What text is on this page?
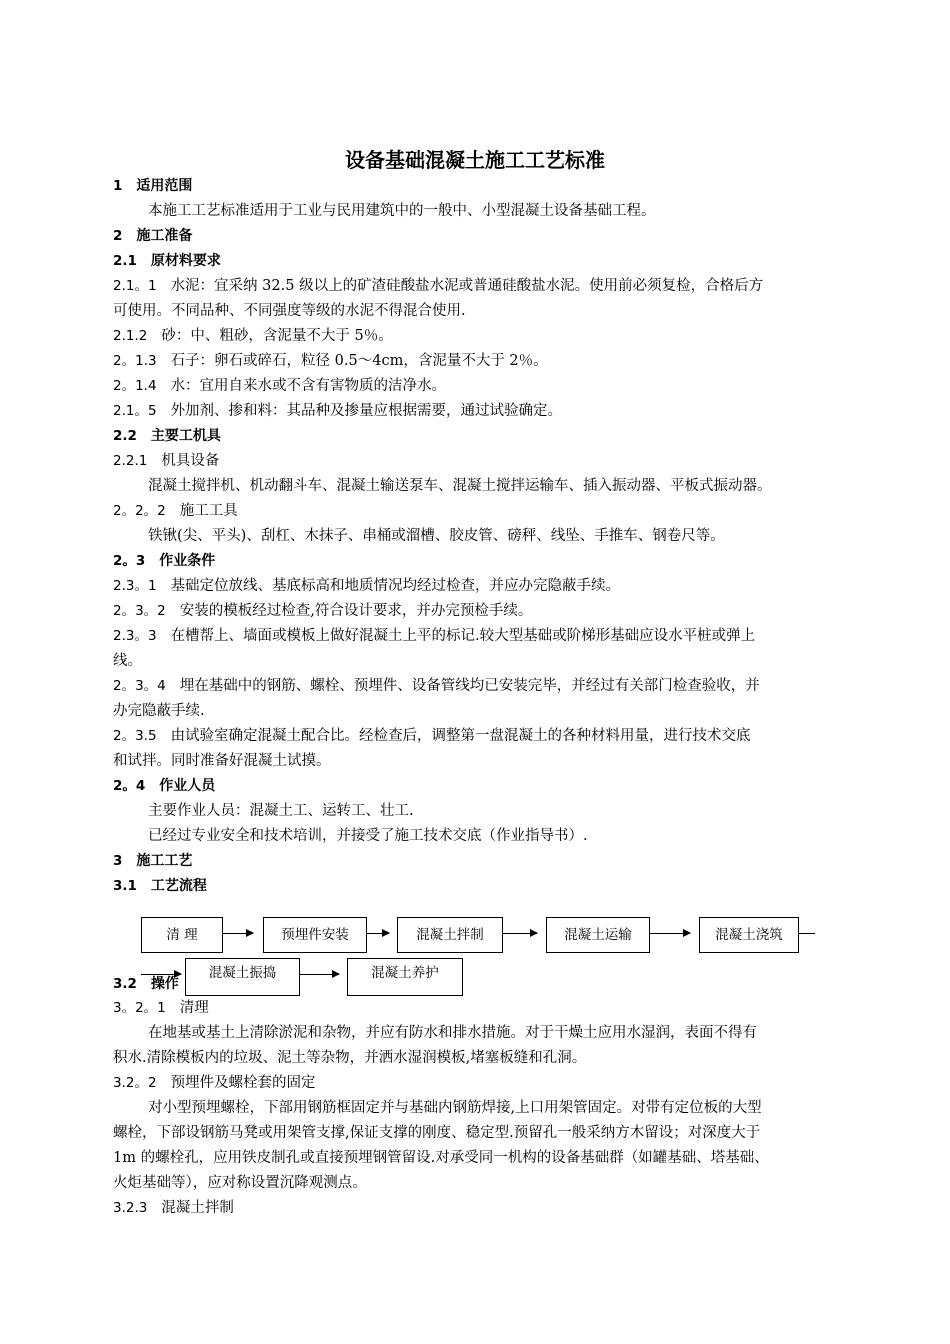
设备基础混凝土施工工艺标准
1 适用范围
本施工工艺标准适用于工业与民用建筑中的一般中、小型混凝土设备基础工程。
2 施工准备
2.1 原材料要求
2.1。1 水泥：宜采纳 32.5 级以上的矿渣硅酸盐水泥或普通硅酸盐水泥。使用前必须复检，合格后方
可使用。不同品种、不同强度等级的水泥不得混合使用.
2.1.2 砂：中、粗砂，含泥量不大于 5％。
2。1.3 石子：卵石或碎石，粒径 0.5～4cm，含泥量不大于 2％。
2。1.4 水：宜用自来水或不含有害物质的洁净水。
2.1。5 外加剂、掺和料：其品种及掺量应根据需要，通过试验确定。
2.2 主要工机具
2.2.1 机具设备
混凝土搅拌机、机动翻斗车、混凝土输送泵车、混凝土搅拌运输车、插入振动器、平板式振动器。
2。2。2 施工工具
铁锹(尖、平头)、刮杠、木抹子、串桶或溜槽、胶皮管、磅秤、线坠、手推车、钢卷尺等。
2。3 作业条件
2.3。1 基础定位放线、基底标高和地质情况均经过检查，并应办完隐蔽手续。
2。3。2 安装的模板经过检查,符合设计要求，并办完预检手续。
2.3。3 在槽帮上、墙面或模板上做好混凝土上平的标记.较大型基础或阶梯形基础应设水平桩或弹上
线。
2。3。4 埋在基础中的钢筋、螺栓、预埋件、设备管线均已安装完毕，并经过有关部门检查验收，并
办完隐蔽手续.
2。3.5 由试验室确定混凝土配合比。经检查后，调整第一盘混凝土的各种材料用量，进行技术交底
和试拌。同时准备好混凝土试摸。
2。4 作业人员
主要作业人员：混凝土工、运转工、壮工.
已经过专业安全和技术培训，并接受了施工技术交底（作业指导书）.
3 施工工艺
3.1 工艺流程
清 理	预埋件安装	混凝土拌制	混凝土运输	混凝土浇筑
3.2 操作
混凝土振捣	混凝土养护
3。2。1 清理
在地基或基土上清除淤泥和杂物，并应有防水和排水措施。对于干燥土应用水湿润，表面不得有
积水.清除模板内的垃圾、泥土等杂物，并洒水湿润模板,堵塞板缝和孔洞。
3.2。2 预埋件及螺栓套的固定
对小型预埋螺栓，下部用钢筋框固定并与基础内钢筋焊接,上口用架管固定。对带有定位板的大型
螺栓，下部设钢筋马凳或用架管支撑,保证支撑的刚度、稳定型.预留孔一般采纳方木留设；对深度大于
1m 的螺栓孔，应用铁皮制孔或直接预埋钢管留设.对承受同一机构的设备基础群（如罐基础、塔基础、
火炬基础等），应对称设置沉降观测点。
3.2.3 混凝土拌制
